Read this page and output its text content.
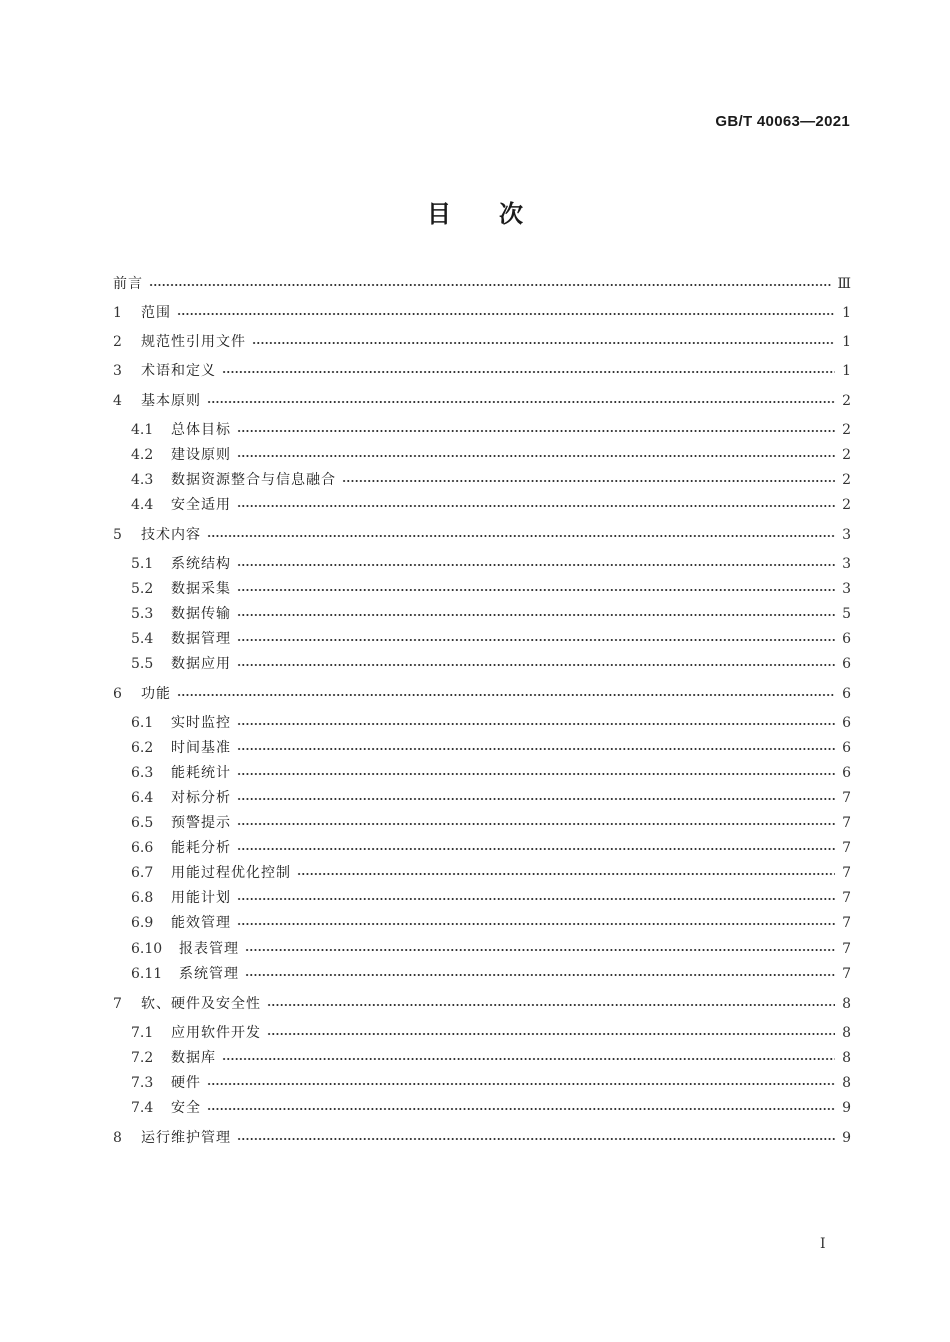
GB/T 40063—2021
目次
前言	Ⅲ
1	范围	1
2	规范性引用文件	1
3	术语和定义	1
4	基本原则	2
4.1	总体目标	2
4.2	建设原则	2
4.3	数据资源整合与信息融合	2
4.4	安全适用	2
5	技术内容	3
5.1	系统结构	3
5.2	数据采集	3
5.3	数据传输	5
5.4	数据管理	6
5.5	数据应用	6
6	功能	6
6.1	实时监控	6
6.2	时间基准	6
6.3	能耗统计	6
6.4	对标分析	7
6.5	预警提示	7
6.6	能耗分析	7
6.7	用能过程优化控制	7
6.8	用能计划	7
6.9	能效管理	7
6.10	报表管理	7
6.11	系统管理	7
7	软、硬件及安全性	8
7.1	应用软件开发	8
7.2	数据库	8
7.3	硬件	8
7.4	安全	9
8	运行维护管理	9
I
